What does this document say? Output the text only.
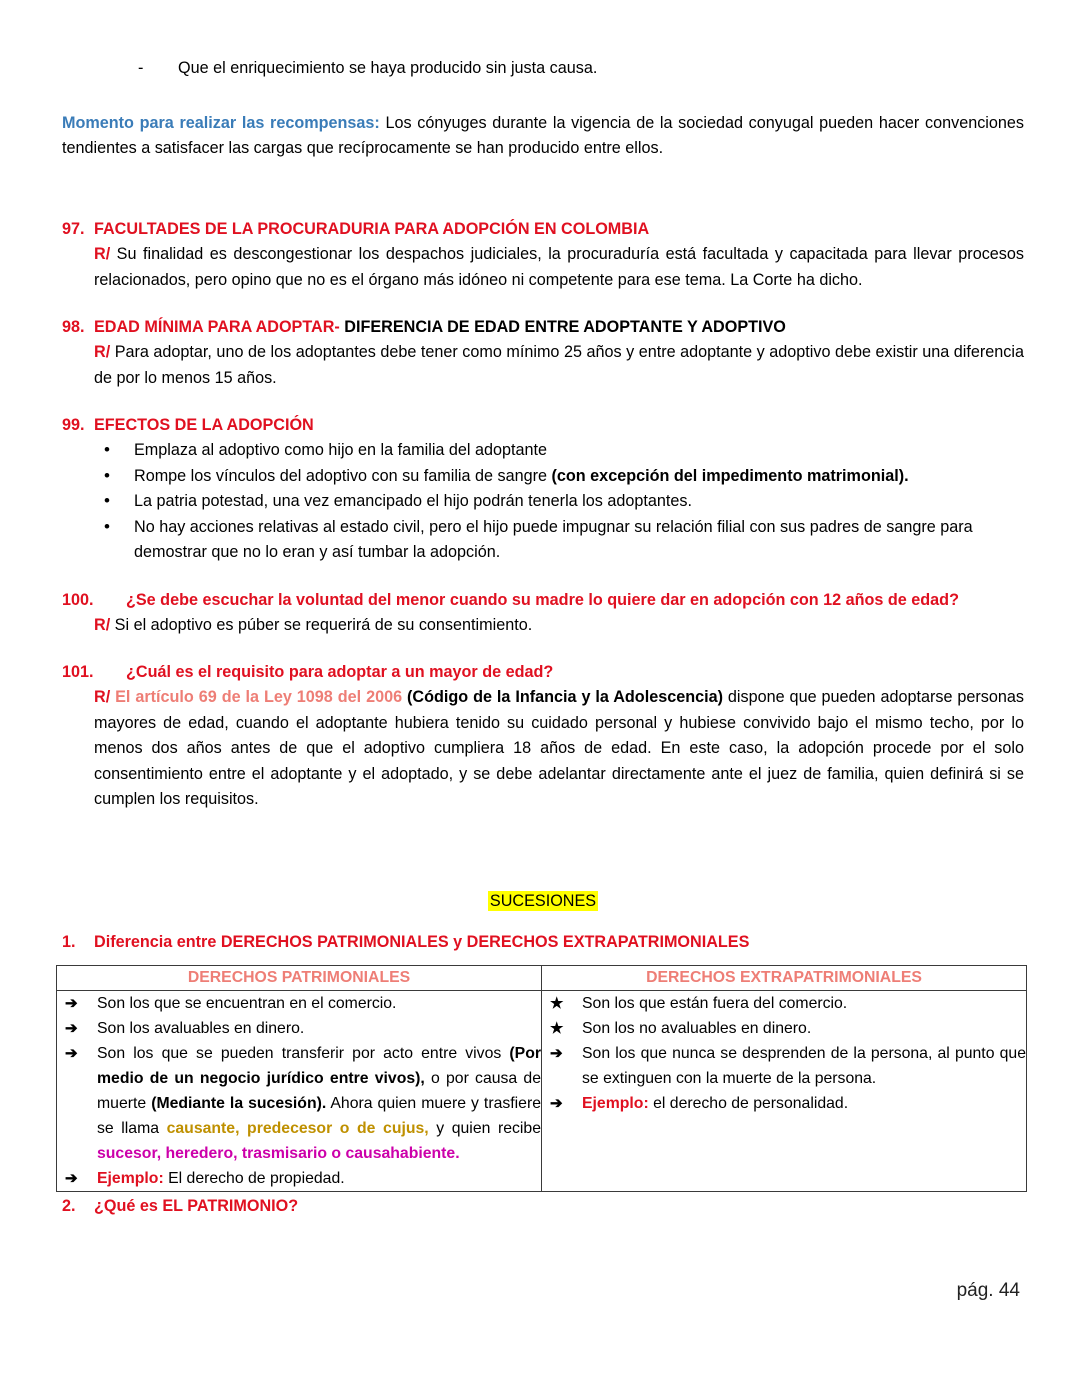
-	Que el enriquecimiento se haya producido sin justa causa.

Momento para realizar las recompensas: Los cónyuges durante la vigencia de la sociedad conyugal pueden hacer convenciones tendientes a satisfacer las cargas que recíprocamente se han producido entre ellos.

97. FACULTADES DE LA PROCURADURIA PARA ADOPCIÓN EN COLOMBIA
R/ Su finalidad es descongestionar los despachos judiciales, la procuraduría está facultada y capacitada para llevar procesos relacionados, pero opino que no es el órgano más idóneo ni competente para ese tema. La Corte ha dicho.
98. EDAD MÍNIMA PARA ADOPTAR- DIFERENCIA DE EDAD ENTRE ADOPTANTE Y ADOPTIVO
R/ Para adoptar, uno de los adoptantes debe tener como mínimo 25 años y entre adoptante y adoptivo debe existir una diferencia de por lo menos 15 años.
99. EFECTOS DE LA ADOPCIÓN
• Emplaza al adoptivo como hijo en la familia del adoptante
• Rompe los vínculos del adoptivo con su familia de sangre (con excepción del impedimento matrimonial).
• La patria potestad, una vez emancipado el hijo podrán tenerla los adoptantes.
• No hay acciones relativas al estado civil, pero el hijo puede impugnar su relación filial con sus padres de sangre para demostrar que no lo eran y así tumbar la adopción.
100.	¿Se debe escuchar la voluntad del menor cuando su madre lo quiere dar en adopción con 12 años de edad?
R/ Si el adoptivo es púber se requerirá de su consentimiento.
101.	¿Cuál es el requisito para adoptar a un mayor de edad?
R/ El artículo 69 de la Ley 1098 del 2006 (Código de la Infancia y la Adolescencia) dispone que pueden adoptarse personas mayores de edad, cuando el adoptante hubiera tenido su cuidado personal y hubiese convivido bajo el mismo techo, por lo menos dos años antes de que el adoptivo cumpliera 18 años de edad. En este caso, la adopción procede por el solo consentimiento entre el adoptante y el adoptado, y se debe adelantar directamente ante el juez de familia, quien definirá si se cumplen los requisitos.
SUCESIONES
1.	Diferencia entre DERECHOS PATRIMONIALES y DERECHOS EXTRAPATRIMONIALES
DERECHOS PATRIMONIALES	DERECHOS EXTRAPATRIMONIALES

➔ Son los que se encuentran en el comercio.
➔ Son los avaluables en dinero.
➔ Son los que se pueden transferir por acto entre vivos (Por medio de un negocio jurídico entre vivos), o por causa de muerte (Mediante la sucesión). Ahora quien muere y trasfiere se llama causante, predecesor o de cujus, y quien recibe sucesor, heredero, trasmisario o causahabiente.
➔ Ejemplo: El derecho de propiedad.

★ Son los que están fuera del comercio.
★ Son los no avaluables en dinero.
➔ Son los que nunca se desprenden de la persona, al punto que se extinguen con la muerte de la persona.
➔ Ejemplo: el derecho de personalidad.
2.	¿Qué es EL PATRIMONIO?
pág. 44
